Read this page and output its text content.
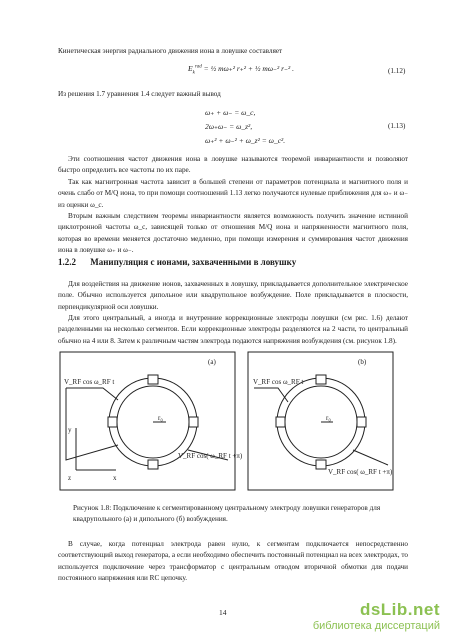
Кинетическая энергия радиального движения иона в ловушке составляет
$E_k^{rad}$ = ½ mω₊² r₊² + ½ mω₋² r₋² .	(1.12)
Из решения 1.7 уравнения 1.4 следует важный вывод
ω₊ + ω₋ = ω_c,
2ω₊ω₋ = ω_z²,
ω₊² + ω₋² + ω_z² = ω_c².
(1.13)
Эти соотношения частот движения иона в ловушке называются теоремой инвариантности и позволяют быстро определить все частоты по их паре.
Так как магнитронная частота зависит в большей степени от параметров потенциала и магнитного поля и очень слабо от M/Q иона, то при помощи соотношений 1.13 легко получаются нулевые приближения для ω₊ и ω₋ из оценки ω_c.
Вторым важным следствием теоремы инвариантности является возможность получить значение истинной циклотронной частоты ω_c, зависящей только от отношения M/Q иона и напряженности магнитного поля, которая во времени меняется достаточно медленно, при помощи измерения и суммирования частот движения иона в ловушке ω₊ и ω₋.
1.2.2 Манипуляция с ионами, захваченными в ловушку
Для воздействия на движение ионов, захваченных в ловушку, прикладывается дополнительное электрическое поле. Обычно используется дипольное или квадрупольное возбуждение. Поле прикладывается в плоскости, перпендикулярной оси ловушки.
Для этого центральный, а иногда и внутренние коррекционные электроды ловушки (см рис. 1.6) делают разделенными на несколько сегментов. Если коррекционные электроды разделяются на 2 части, то центральный обычно на 4 или 8. Затем к различным частям электрода подаются напряжения возбуждения (см. рисунок 1.8).
(a)	(b)
V_RF cos ω_RF t
V_RF cos( ω_RF t +π)
V_RF cos ω_RF t
V_RF cos( ω_RF t +π)
r₀	r₀
y
x
z
Рисунок 1.8: Подключение к сегментированному центральному электроду ловушки генераторов для квадрупольного (а) и дипольного (б) возбуждения.
В случае, когда потенциал электрода равен нулю, к сегментам подключается непосредственно соответствующий выход генератора, а если необходимо обеспечить постоянный потенциал на всех электродах, то используется подключение через трансформатор с центральным отводом вторичной обмотки для подачи постоянного напряжения или RC цепочку.
14	dsLib.net
библиотека диссертаций
